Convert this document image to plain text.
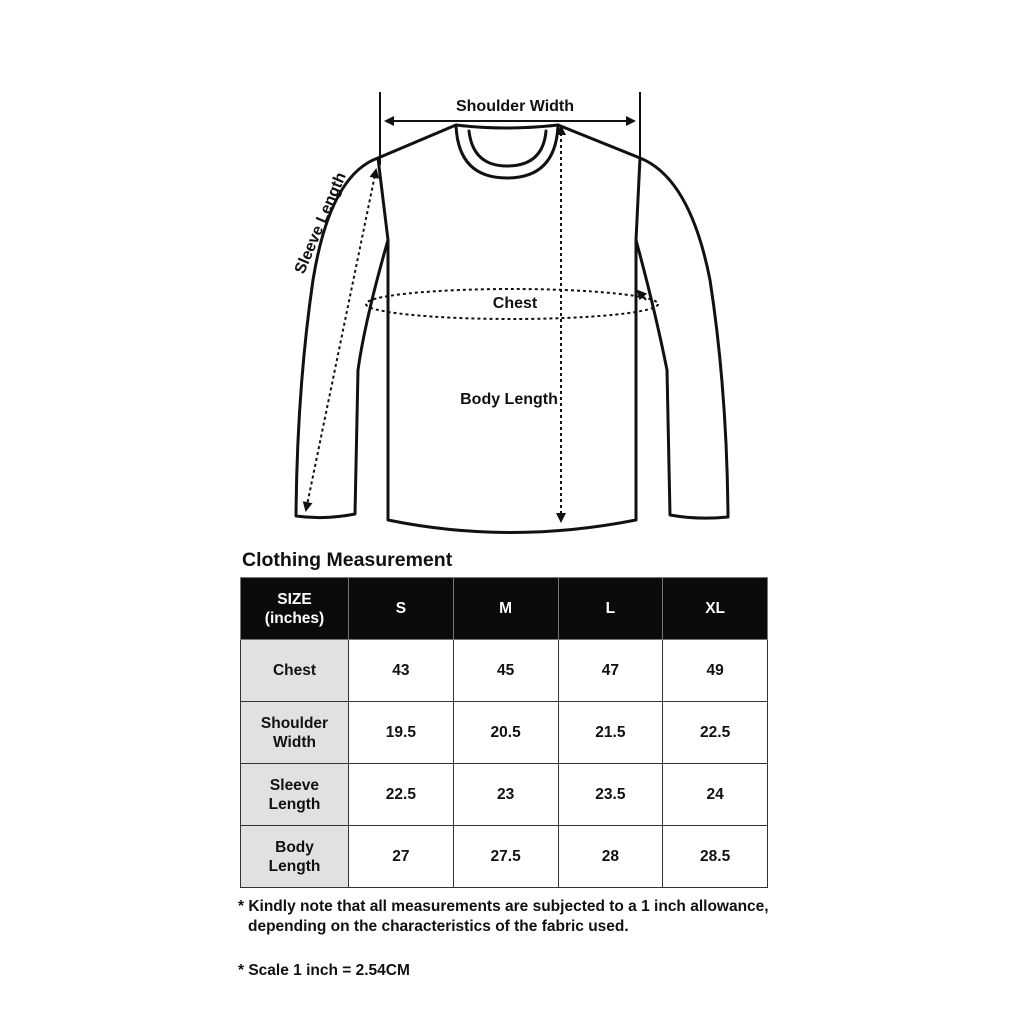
Shoulder Width
Sleeve Length
Chest
Body Length
Clothing Measurement
SIZE
(inches)	S	M	L	XL
Chest	43	45	47	49
Shoulder
Width	19.5	20.5	21.5	22.5
Sleeve
Length	22.5	23	23.5	24
Body
Length	27	27.5	28	28.5
* Kindly note that all measurements are subjected to a 1 inch allowance,
depending on the characteristics of the fabric used.
* Scale 1 inch = 2.54CM
